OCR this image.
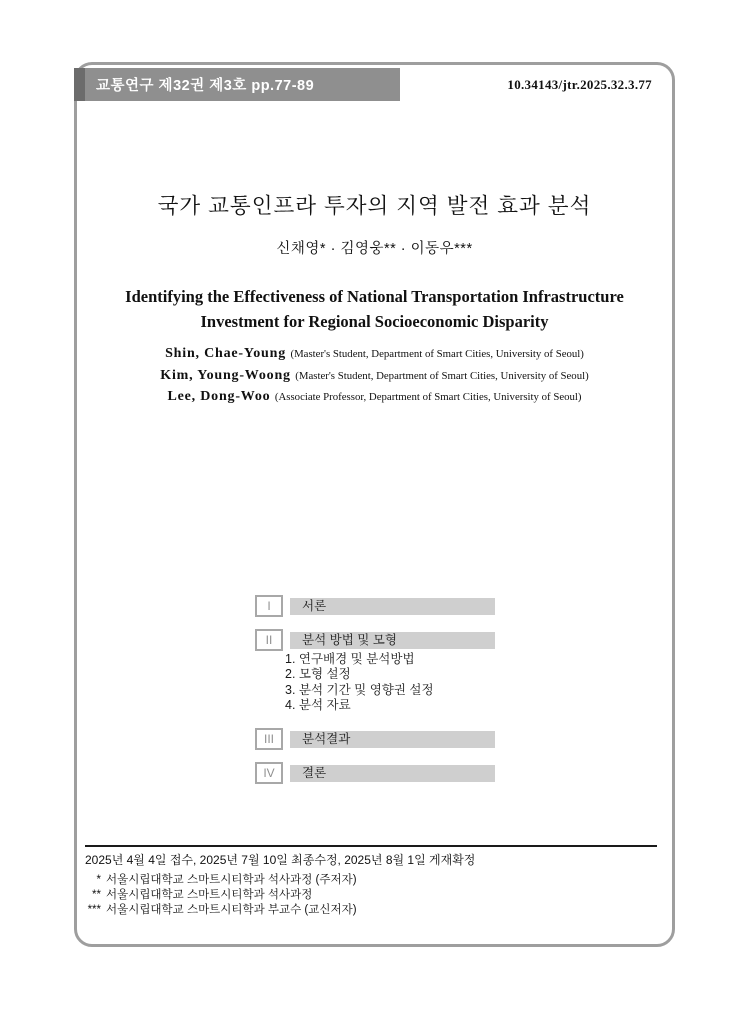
교통연구 제32권 제3호 pp.77-89	10.34143/jtr.2025.32.3.77
국가 교통인프라 투자의 지역 발전 효과 분석
신채영* · 김영웅** · 이동우***
Identifying the Effectiveness of National Transportation Infrastructure
Investment for Regional Socioeconomic Disparity
Shin, Chae-Young (Master's Student, Department of Smart Cities, University of Seoul)
Kim, Young-Woong (Master's Student, Department of Smart Cities, University of Seoul)
Lee, Dong-Woo (Associate Professor, Department of Smart Cities, University of Seoul)
I	서론
II	분석 방법 및 모형
1. 연구배경 및 분석방법
2. 모형 설정
3. 분석 기간 및 영향권 설정
4. 분석 자료
III	분석결과
IV	결론
2025년 4월 4일 접수, 2025년 7월 10일 최종수정, 2025년 8월 1일 게재확정
* 서울시립대학교 스마트시티학과 석사과정 (주저자)
** 서울시립대학교 스마트시티학과 석사과정
*** 서울시립대학교 스마트시티학과 부교수 (교신저자)
